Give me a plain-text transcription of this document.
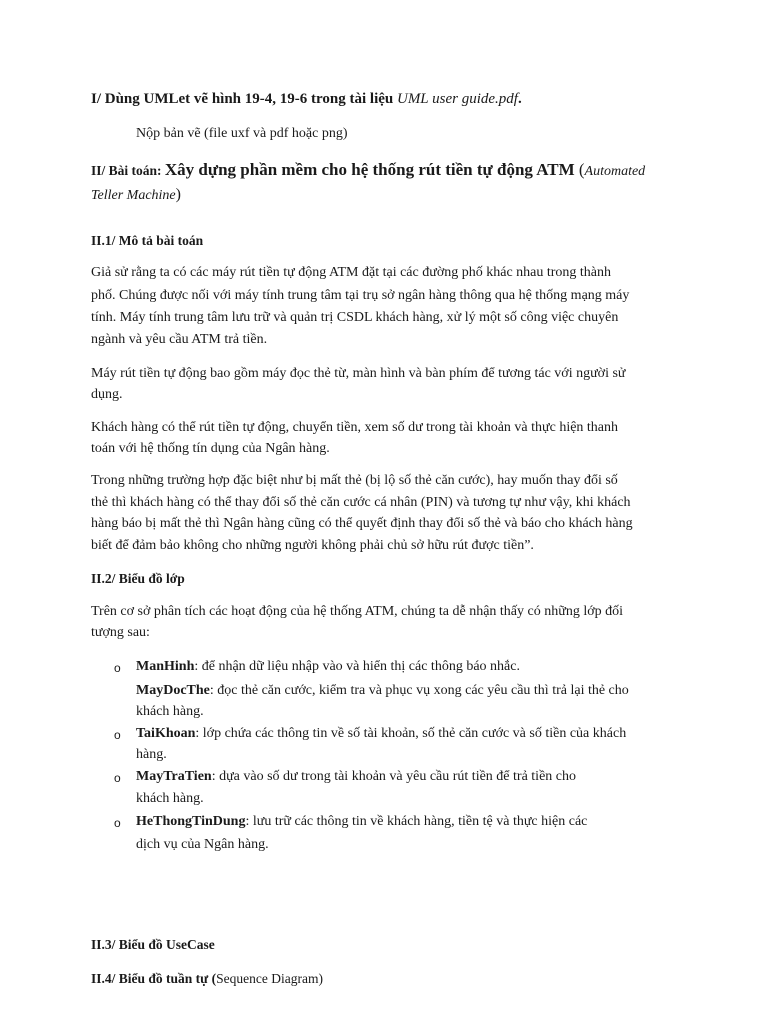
I/ Dùng UMLet vẽ hình 19-4, 19-6 trong tài liệu UML user guide.pdf.
Nộp bản vẽ (file uxf và pdf hoặc png)
II/ Bài toán: Xây dựng phần mềm cho hệ thống rút tiền tự động ATM (Automated
Teller Machine)
II.1/ Mô tả bài toán
Giả sử rằng ta có các máy rút tiền tự động ATM đặt tại các đường phố khác nhau trong thành
phố. Chúng được nối với máy tính trung tâm tại trụ sở ngân hàng thông qua hệ thống mạng máy
tính. Máy tính trung tâm lưu trữ và quản trị CSDL khách hàng, xử lý một số công việc chuyên
ngành và yêu cầu ATM trả tiền.
Máy rút tiền tự động bao gồm máy đọc thẻ từ, màn hình và bàn phím để tương tác với người sử
dụng.
Khách hàng có thể rút tiền tự động, chuyển tiền, xem số dư trong tài khoản và thực hiện thanh
toán với hệ thống tín dụng của Ngân hàng.
Trong những trường hợp đặc biệt như bị mất thẻ (bị lộ số thẻ căn cước), hay muốn thay đổi số
thẻ thì khách hàng có thể thay đổi số thẻ căn cước cá nhân (PIN) và tương tự như vậy, khi khách
hàng báo bị mất thẻ thì Ngân hàng cũng có thể quyết định thay đổi số thẻ và báo cho khách hàng
biết để đảm bảo không cho những người không phải chủ sở hữu rút được tiền”.
II.2/ Biểu đồ lớp
Trên cơ sở phân tích các hoạt động của hệ thống ATM, chúng ta dễ nhận thấy có những lớp đối
tượng sau:
o ManHinh: để nhận dữ liệu nhập vào và hiển thị các thông báo nhắc.
MayDocThe: đọc thẻ căn cước, kiểm tra và phục vụ xong các yêu cầu thì trả lại thẻ cho
khách hàng.
o TaiKhoan: lớp chứa các thông tin về số tài khoản, số thẻ căn cước và số tiền của khách
hàng.
o MayTraTien: dựa vào số dư trong tài khoản và yêu cầu rút tiền để trả tiền cho
khách hàng.
o HeThongTinDung: lưu trữ các thông tin về khách hàng, tiền tệ và thực hiện các
dịch vụ của Ngân hàng.
II.3/ Biểu đồ UseCase
II.4/ Biểu đồ tuần tự (Sequence Diagram)
